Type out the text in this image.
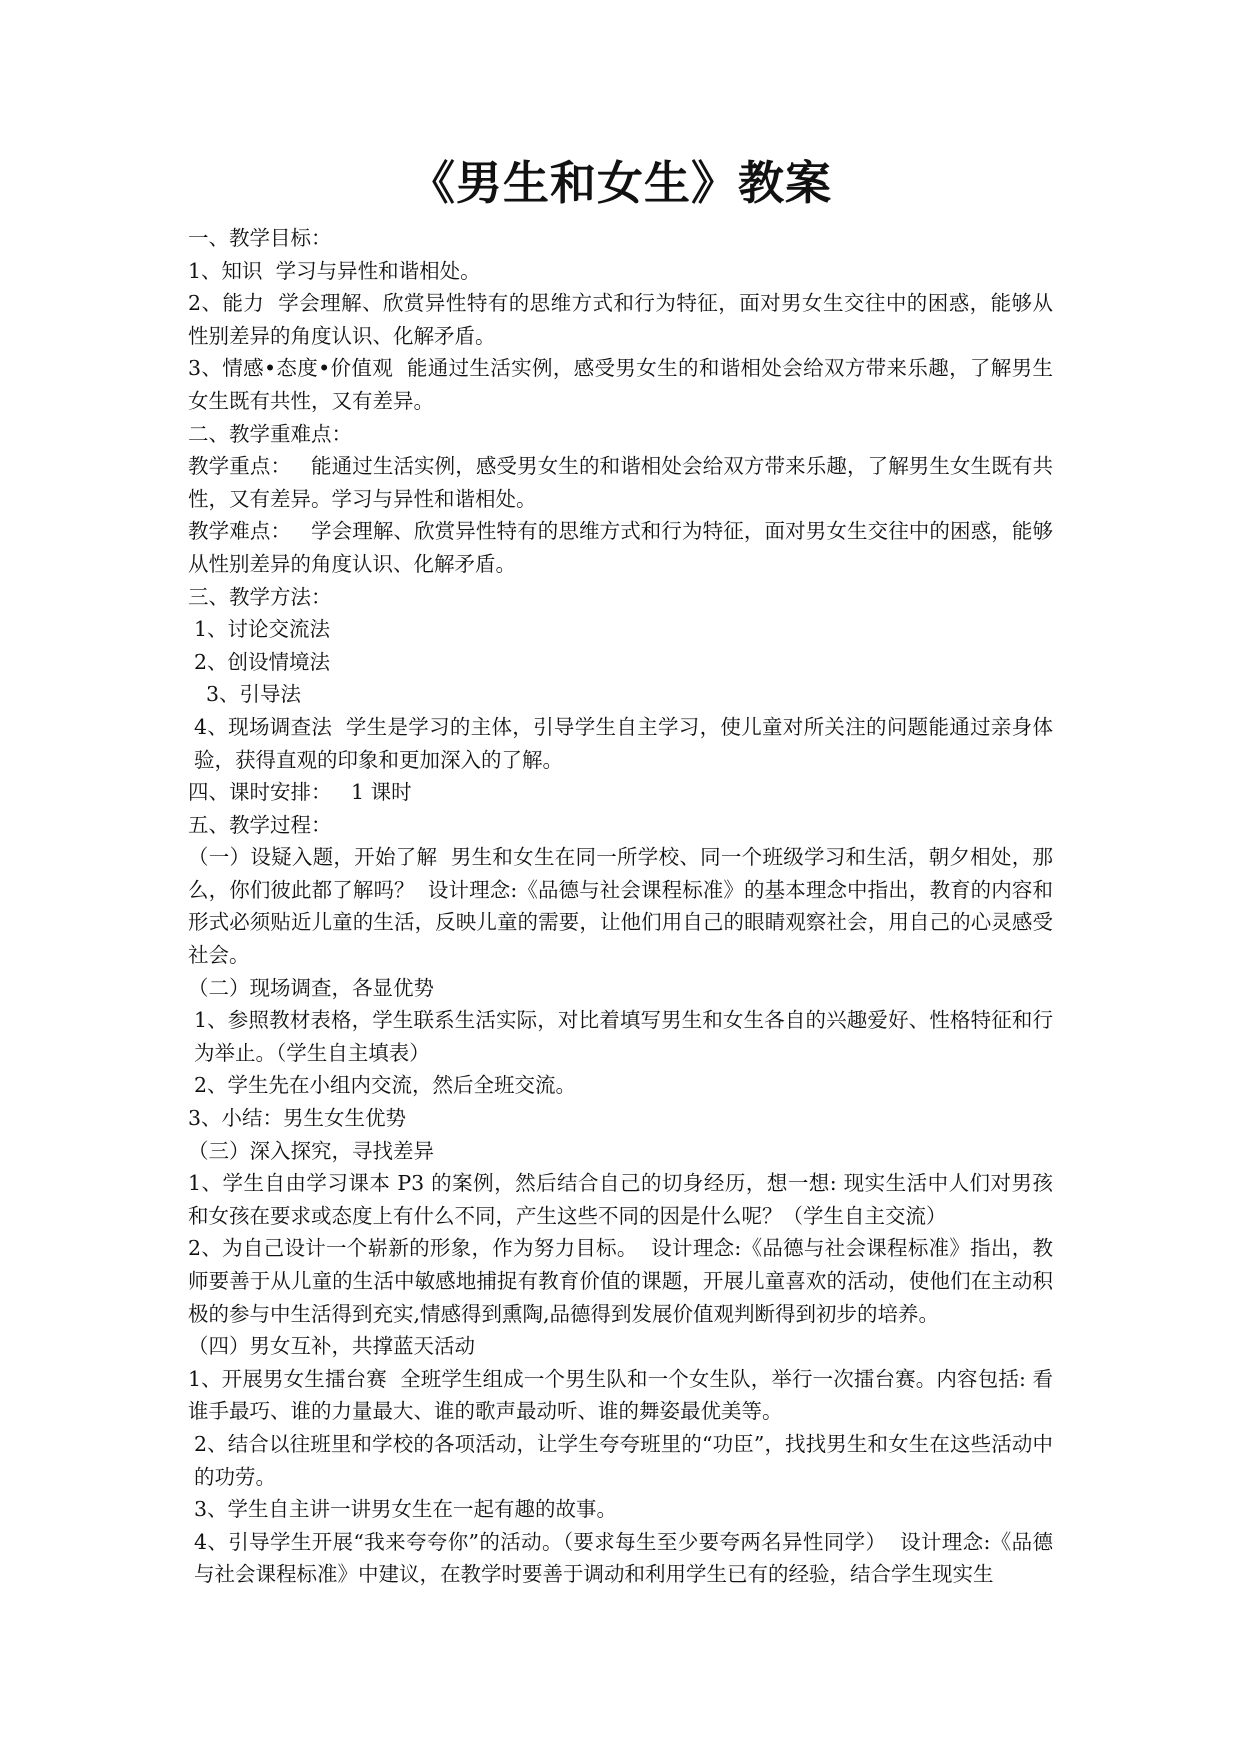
《男生和女生》教案

一、教学目标：

1、知识  学习与异性和谐相处。

2、能力  学会理解、欣赏异性特有的思维方式和行为特征，面对男女生交往中的困惑，能够从性别差异的角度认识、化解矛盾。

3、情感•态度•价值观  能通过生活实例，感受男女生的和谐相处会给双方带来乐趣，了解男生女生既有共性，又有差异。

二、教学重难点：

教学重点：   能通过生活实例，感受男女生的和谐相处会给双方带来乐趣，了解男生女生既有共性，又有差异。学习与异性和谐相处。

教学难点：   学会理解、欣赏异性特有的思维方式和行为特征，面对男女生交往中的困惑，能够从性别差异的角度认识、化解矛盾。

三、教学方法：

1、讨论交流法

2、创设情境法

3、引导法

4、现场调查法  学生是学习的主体，引导学生自主学习，使儿童对所关注的问题能通过亲身体验，获得直观的印象和更加深入的了解。

四、课时安排：   1 课时

五、教学过程：

（一）设疑入题，开始了解  男生和女生在同一所学校、同一个班级学习和生活，朝夕相处，那么，你们彼此都了解吗？  设计理念:《品德与社会课程标准》的基本理念中指出，教育的内容和形式必须贴近儿童的生活，反映儿童的需要，让他们用自己的眼睛观察社会，用自己的心灵感受社会。

（二）现场调查，各显优势

1、参照教材表格，学生联系生活实际，对比着填写男生和女生各自的兴趣爱好、性格特征和行为举止。（学生自主填表）

2、学生先在小组内交流，然后全班交流。

3、小结：男生女生优势

（三）深入探究，寻找差异

1、学生自由学习课本 P3 的案例，然后结合自己的切身经历，想一想: 现实生活中人们对男孩和女孩在要求或态度上有什么不同，产生这些不同的因是什么呢？（学生自主交流）

2、为自己设计一个崭新的形象，作为努力目标。  设计理念:《品德与社会课程标准》指出，教师要善于从儿童的生活中敏感地捕捉有教育价值的课题，开展儿童喜欢的活动，使他们在主动积极的参与中生活得到充实,情感得到熏陶,品德得到发展价值观判断得到初步的培养。

（四）男女互补，共撑蓝天活动

1、开展男女生擂台赛  全班学生组成一个男生队和一个女生队，举行一次擂台赛。内容包括: 看谁手最巧、谁的力量最大、谁的歌声最动听、谁的舞姿最优美等。

2、结合以往班里和学校的各项活动，让学生夸夸班里的“功臣”，找找男生和女生在这些活动中的功劳。

3、学生自主讲一讲男女生在一起有趣的故事。

4、引导学生开展“我来夸夸你”的活动。（要求每生至少要夸两名异性同学）  设计理念:《品德与社会课程标准》中建议，在教学时要善于调动和利用学生已有的经验，结合学生现实生
